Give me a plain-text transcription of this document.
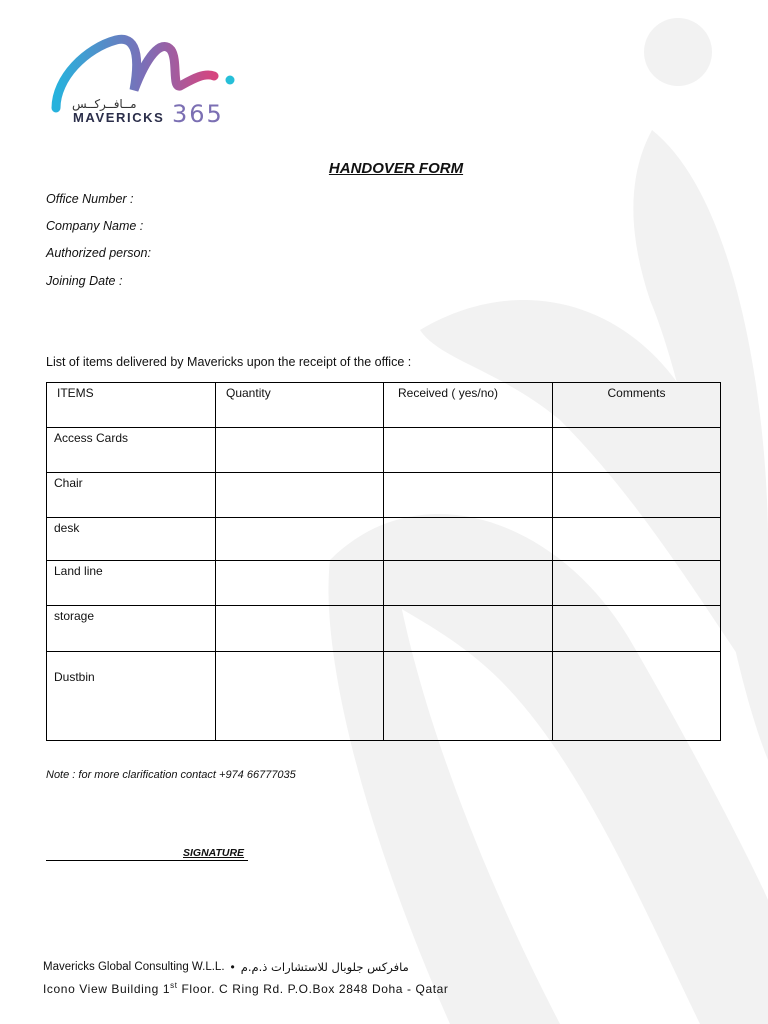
مــافــركــس
MAVERICKS 365
HANDOVER FORM
Office Number :
Company Name :
Authorized person:
Joining Date :
List of items delivered by Mavericks upon the receipt of the office :
ITEMS	Quantity	Received ( yes/no)	Comments
Access Cards			
Chair			
desk			
Land line			
storage			
Dustbin			
Note : for more clarification contact +974 66777035
SIGNATURE
Mavericks Global Consulting W.L.L. • مافركس جلوبال للاستشارات ذ.م.م
Icono View Building 1st Floor. C Ring Rd. P.O.Box 2848 Doha - Qatar
